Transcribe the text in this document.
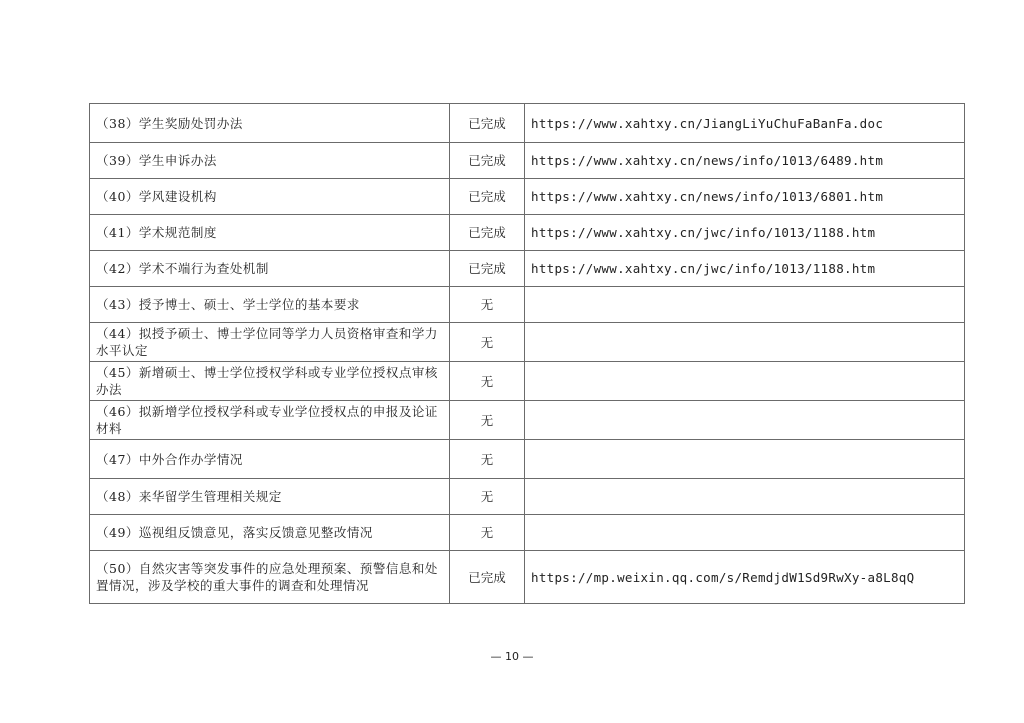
（38）学生奖励处罚办法	已完成	https://www.xahtxy.cn/JiangLiYuChuFaBanFa.doc
（39）学生申诉办法	已完成	https://www.xahtxy.cn/news/info/1013/6489.htm
（40）学风建设机构	已完成	https://www.xahtxy.cn/news/info/1013/6801.htm
（41）学术规范制度	已完成	https://www.xahtxy.cn/jwc/info/1013/1188.htm
（42）学术不端行为查处机制	已完成	https://www.xahtxy.cn/jwc/info/1013/1188.htm
（43）授予博士、硕士、学士学位的基本要求	无	
（44）拟授予硕士、博士学位同等学力人员资格审查和学力水平认定	无	
（45）新增硕士、博士学位授权学科或专业学位授权点审核办法	无	
（46）拟新增学位授权学科或专业学位授权点的申报及论证材料	无	
（47）中外合作办学情况	无	
（48）来华留学生管理相关规定	无	
（49）巡视组反馈意见，落实反馈意见整改情况	无	
（50）自然灾害等突发事件的应急处理预案、预警信息和处置情况，涉及学校的重大事件的调查和处理情况	已完成	https://mp.weixin.qq.com/s/RemdjdW1Sd9RwXy-a8L8qQ
— 10 —
